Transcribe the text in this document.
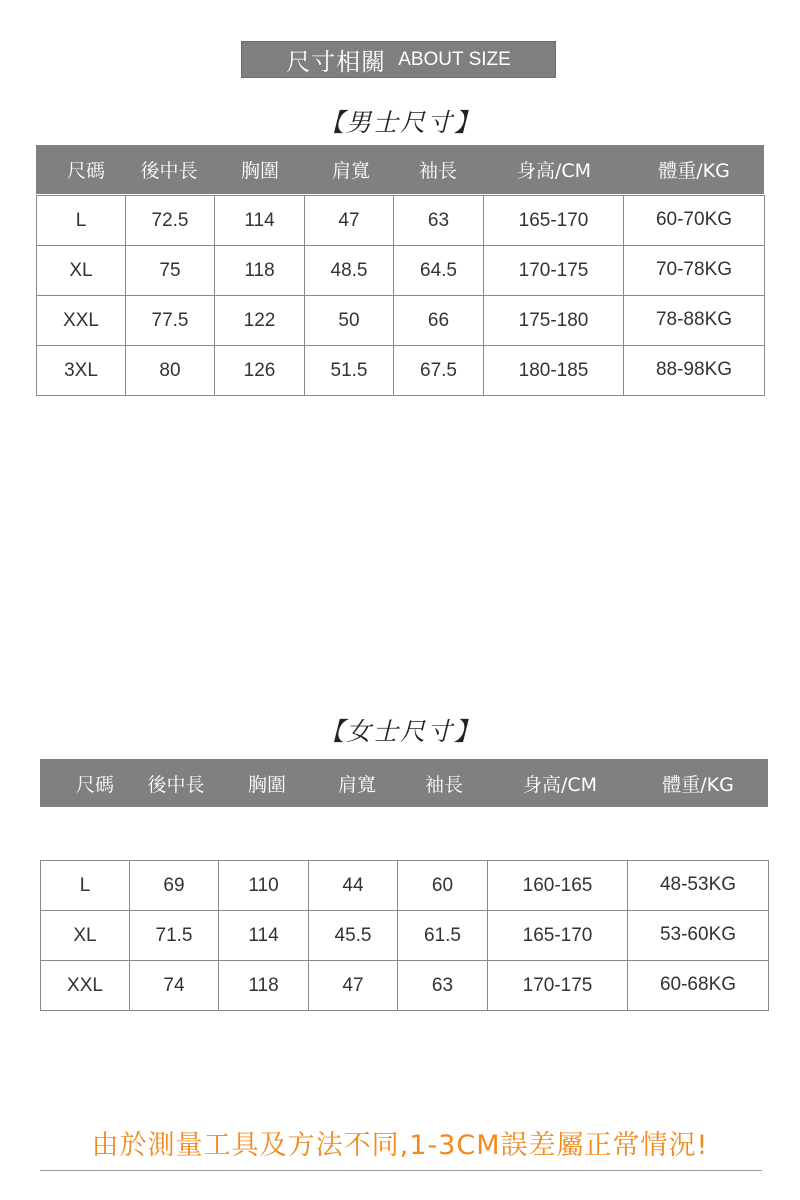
尺寸相關 ABOUT SIZE
【男士尺寸】
尺碼	後中長	胸圍	肩寬	袖長	身高/CM	體重/KG
L	72.5	114	47	63	165-170	60-70KG
XL	75	118	48.5	64.5	170-175	70-78KG
XXL	77.5	122	50	66	175-180	78-88KG
3XL	80	126	51.5	67.5	180-185	88-98KG
【女士尺寸】
尺碼	後中長	胸圍	肩寬	袖長	身高/CM	體重/KG
L	69	110	44	60	160-165	48-53KG
XL	71.5	114	45.5	61.5	165-170	53-60KG
XXL	74	118	47	63	170-175	60-68KG
由於測量工具及方法不同,1-3CM誤差屬正常情況!
